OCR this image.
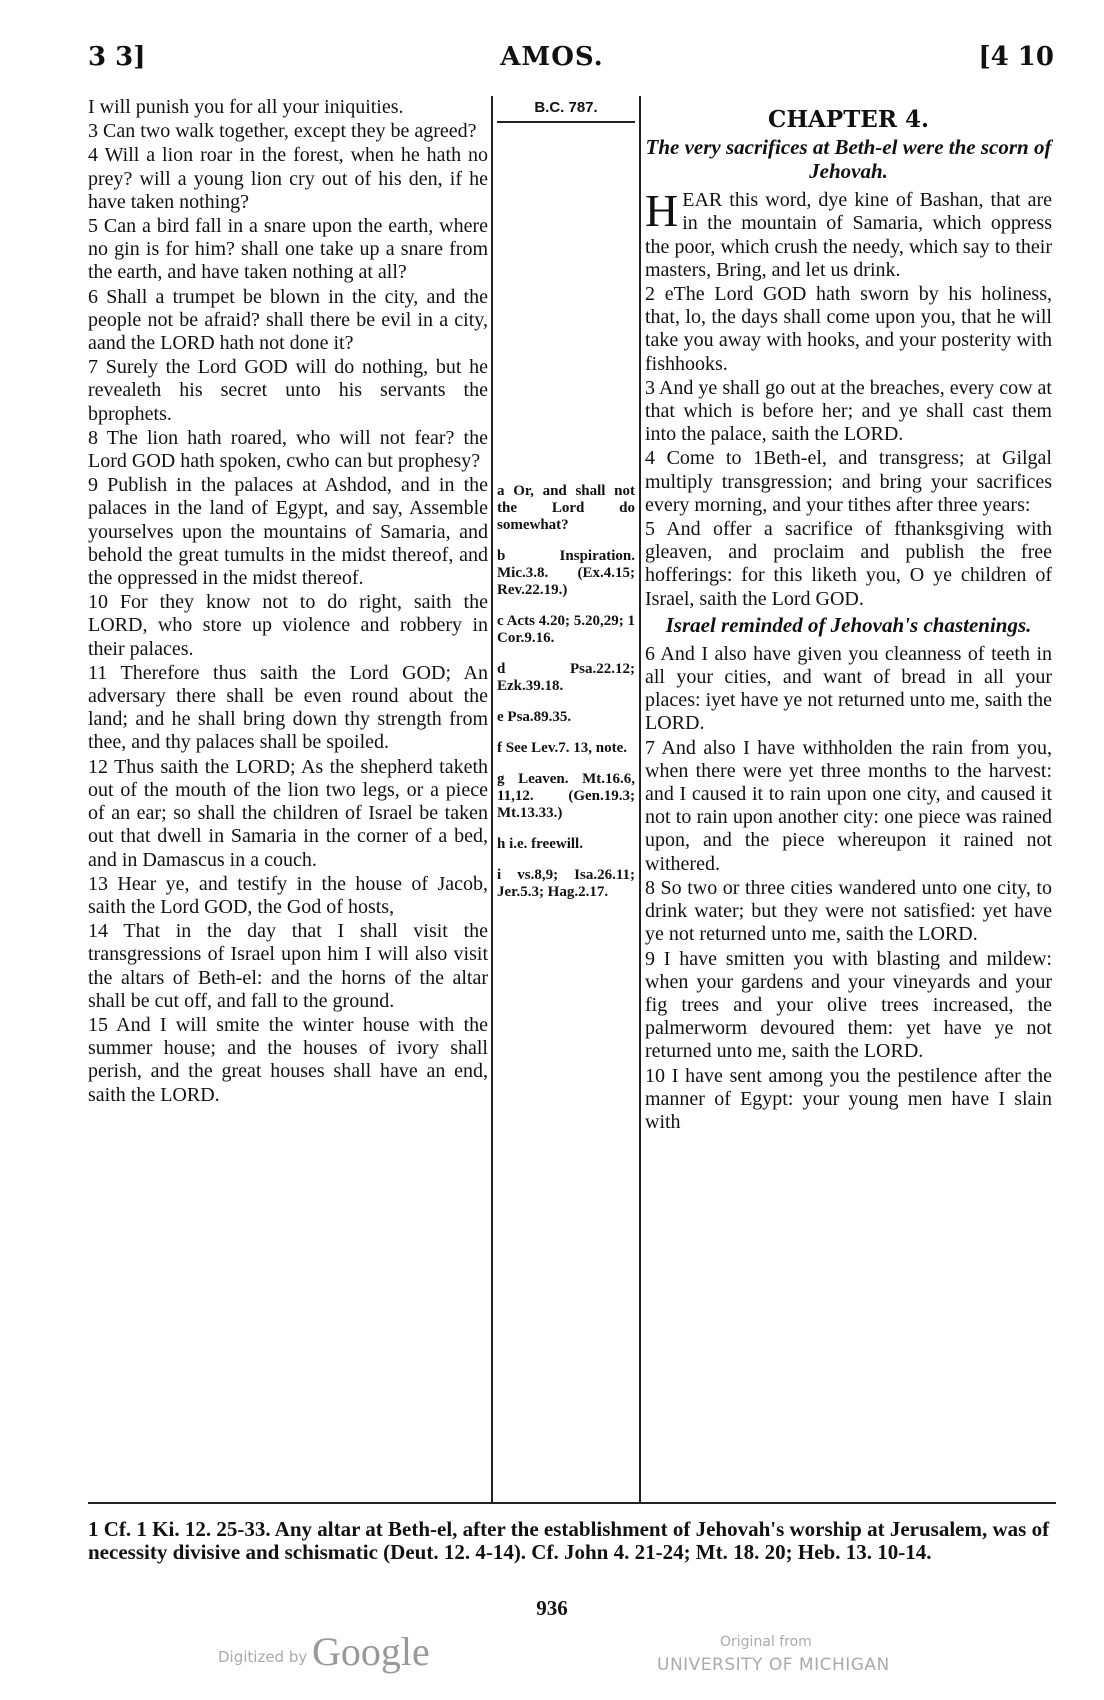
3 3]	AMOS.	[4 10

I will punish you for all your iniquities.

3 Can two walk together, except they be agreed?

4 Will a lion roar in the forest, when he hath no prey? will a young lion cry out of his den, if he have taken nothing?

5 Can a bird fall in a snare upon the earth, where no gin is for him? shall one take up a snare from the earth, and have taken nothing at all?

6 Shall a trumpet be blown in the city, and the people not be afraid? shall there be evil in a city, aand the LORD hath not done it?

7 Surely the Lord GOD will do nothing, but he revealeth his secret unto his servants the bprophets.

8 The lion hath roared, who will not fear? the Lord GOD hath spoken, cwho can but prophesy?

9 Publish in the palaces at Ashdod, and in the palaces in the land of Egypt, and say, Assemble yourselves upon the mountains of Samaria, and behold the great tumults in the midst thereof, and the oppressed in the midst thereof.

10 For they know not to do right, saith the LORD, who store up violence and robbery in their palaces.

11 Therefore thus saith the Lord GOD; An adversary there shall be even round about the land; and he shall bring down thy strength from thee, and thy palaces shall be spoiled.

12 Thus saith the LORD; As the shepherd taketh out of the mouth of the lion two legs, or a piece of an ear; so shall the children of Israel be taken out that dwell in Samaria in the corner of a bed, and in Damascus in a couch.

13 Hear ye, and testify in the house of Jacob, saith the Lord GOD, the God of hosts,

14 That in the day that I shall visit the transgressions of Israel upon him I will also visit the altars of Beth-el: and the horns of the altar shall be cut off, and fall to the ground.

15 And I will smite the winter house with the summer house; and the houses of ivory shall perish, and the great houses shall have an end, saith the LORD.

B.C. 787.
a Or, and shall not the Lord do somewhat?
b Inspiration. Mic.3.8. (Ex.4.15; Rev.22.19.)
c Acts 4.20; 5.20,29; 1 Cor.9.16.
d Psa.22.12; Ezk.39.18.
e Psa.89.35.
f See Lev.7. 13, note.
g Leaven. Mt.16.6, 11,12. (Gen.19.3; Mt.13.33.)
h i.e. freewill.
i vs.8,9; Isa.26.11; Jer.5.3; Hag.2.17.
CHAPTER 4.
The very sacrifices at Beth-el were the scorn of Jehovah.

HEAR this word, dye kine of Bashan, that are in the mountain of Samaria, which oppress the poor, which crush the needy, which say to their masters, Bring, and let us drink.

2 eThe Lord GOD hath sworn by his holiness, that, lo, the days shall come upon you, that he will take you away with hooks, and your posterity with fishhooks.

3 And ye shall go out at the breaches, every cow at that which is before her; and ye shall cast them into the palace, saith the LORD.

4 Come to 1Beth-el, and transgress; at Gilgal multiply transgression; and bring your sacrifices every morning, and your tithes after three years:

5 And offer a sacrifice of fthanksgiving with gleaven, and proclaim and publish the free hofferings: for this liketh you, O ye children of Israel, saith the Lord GOD.

Israel reminded of Jehovah's chastenings.

6 And I also have given you cleanness of teeth in all your cities, and want of bread in all your places: iyet have ye not returned unto me, saith the LORD.

7 And also I have withholden the rain from you, when there were yet three months to the harvest: and I caused it to rain upon one city, and caused it not to rain upon another city: one piece was rained upon, and the piece whereupon it rained not withered.

8 So two or three cities wandered unto one city, to drink water; but they were not satisfied: yet have ye not returned unto me, saith the LORD.

9 I have smitten you with blasting and mildew: when your gardens and your vineyards and your fig trees and your olive trees increased, the palmerworm devoured them: yet have ye not returned unto me, saith the LORD.

10 I have sent among you the pestilence after the manner of Egypt: your young men have I slain with

1 Cf. 1 Ki. 12. 25-33. Any altar at Beth-el, after the establishment of Jehovah's worship at Jerusalem, was of necessity divisive and schismatic (Deut. 12. 4-14). Cf. John 4. 21-24; Mt. 18. 20; Heb. 13. 10-14.
936
Digitized by Google	Original from
UNIVERSITY OF MICHIGAN
